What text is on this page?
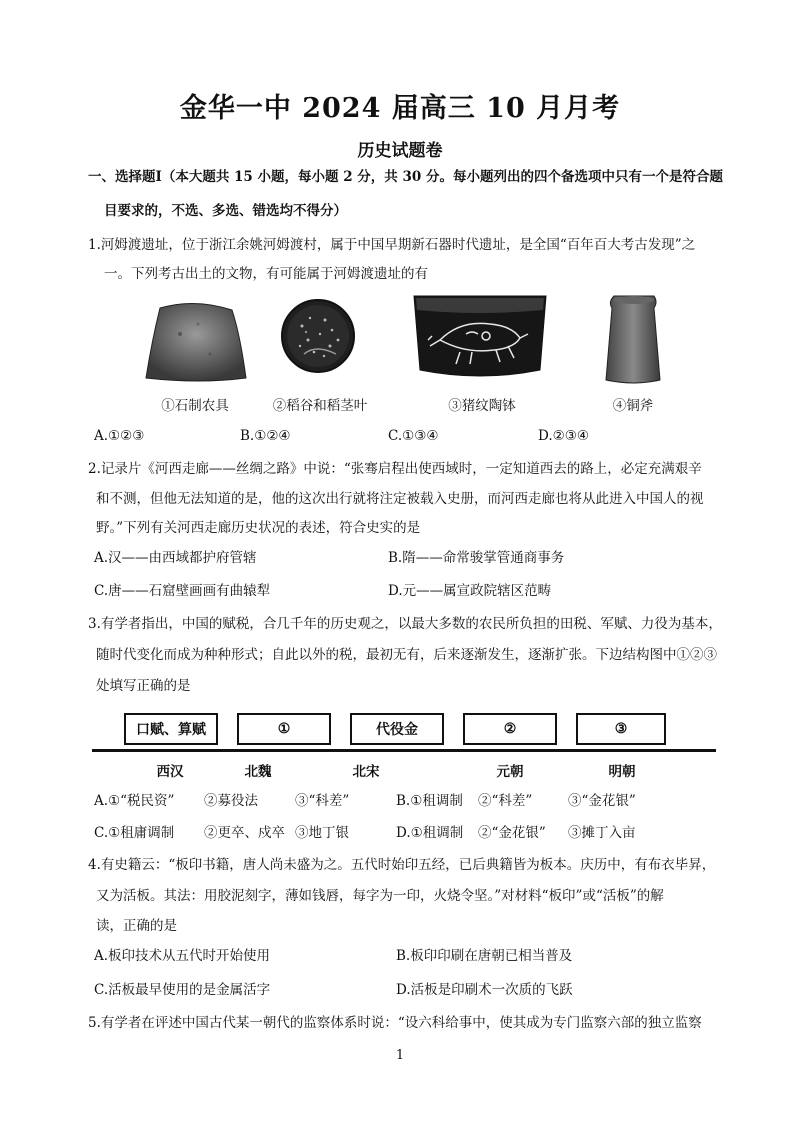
金华一中 2024 届高三 10 月月考
历史试题卷
一、选择题Ⅰ（本大题共 15 小题，每小题 2 分，共 30 分。每小题列出的四个备选项中只有一个是符合题
目要求的，不选、多选、错选均不得分）
1.河姆渡遗址，位于浙江余姚河姆渡村，属于中国早期新石器时代遗址，是全国“百年百大考古发现”之
一。下列考古出土的文物，有可能属于河姆渡遗址的有
①石制农具	②稻谷和稻茎叶	③猪纹陶钵	④铜斧
A.①②③	B.①②④	C.①③④	D.②③④
2.记录片《河西走廊——丝绸之路》中说：“张骞启程出使西域时，一定知道西去的路上，必定充满艰辛
和不测，但他无法知道的是，他的这次出行就将注定被载入史册，而河西走廊也将从此进入中国人的视
野。”下列有关河西走廊历史状况的表述，符合史实的是
A.汉——由西域都护府管辖	B.隋——命常骏掌管通商事务
C.唐——石窟壁画画有曲辕犁	D.元——属宣政院辖区范畴
3.有学者指出，中国的赋税，合几千年的历史观之，以最大多数的农民所负担的田税、军赋、力役为基本，
随时代变化而成为种种形式；自此以外的税，最初无有，后来逐渐发生，逐渐扩张。下边结构图中①②③
处填写正确的是
口赋、算赋	①	代役金	②	③
西汉	北魏	北宋	元朝	明朝
A.①“税民资” ②募役法	③“科差”	B.①租调制 ②“科差”	③“金花银”
C.①租庸调制 ②更卒、戍卒 ③地丁银	D.①租调制 ②“金花银” ③摊丁入亩
4.有史籍云：“板印书籍，唐人尚未盛为之。五代时始印五经，已后典籍皆为板本。庆历中，有布衣毕昇，
又为活板。其法：用胶泥刻字，薄如钱唇，每字为一印，火烧令坚。”对材料“板印”或“活板”的解
读，正确的是
A.板印技术从五代时开始使用	B.板印印刷在唐朝已相当普及
C.活板最早使用的是金属活字	D.活板是印刷术一次质的飞跃
5.有学者在评述中国古代某一朝代的监察体系时说：“设六科给事中，使其成为专门监察六部的独立监察
1
